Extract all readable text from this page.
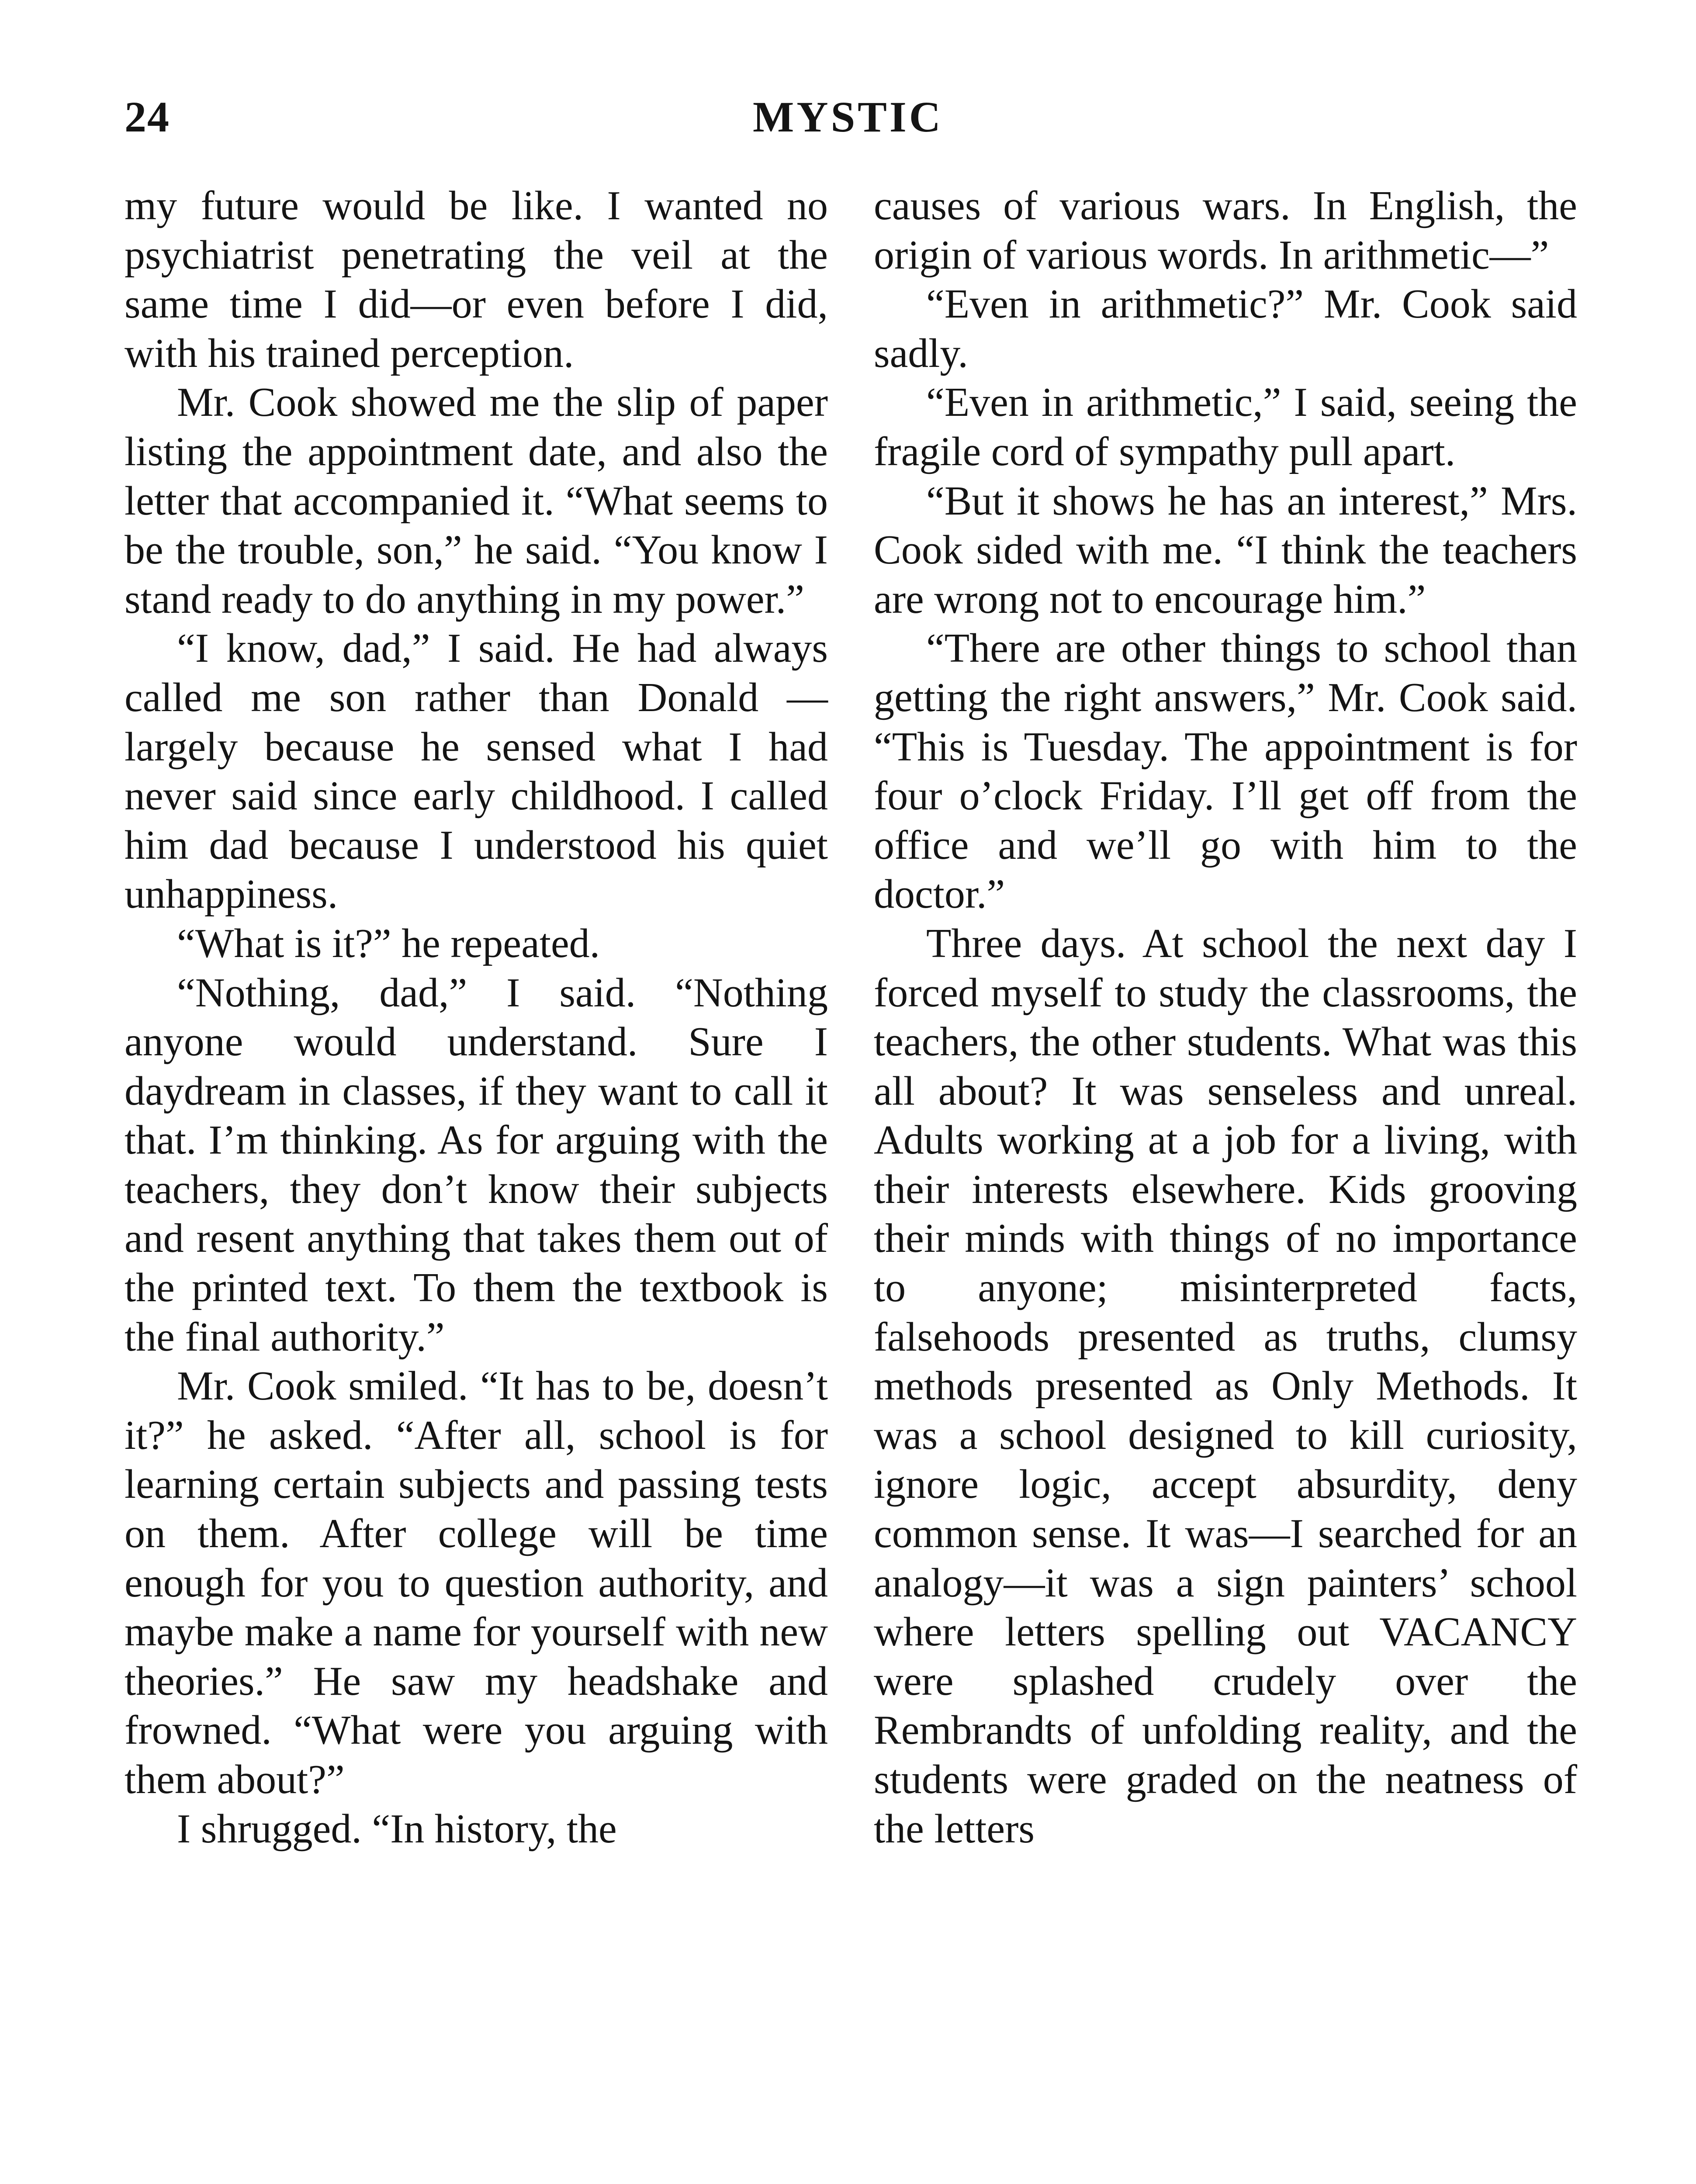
24	MYSTIC

my future would be like. I wanted no psychiatrist penetrating the veil at the same time I did—or even before I did, with his trained perception.

Mr. Cook showed me the slip of paper listing the appointment date, and also the letter that accompanied it. “What seems to be the trouble, son,” he said. “You know I stand ready to do anything in my power.”

“I know, dad,” I said. He had always called me son rather than Donald — largely because he sensed what I had never said since early childhood. I called him dad because I understood his quiet unhappiness.

“What is it?” he repeated.

“Nothing, dad,” I said. “Nothing anyone would understand. Sure I daydream in classes, if they want to call it that. I’m thinking. As for arguing with the teachers, they don’t know their subjects and resent anything that takes them out of the printed text. To them the textbook is the final authority.”

Mr. Cook smiled. “It has to be, doesn’t it?” he asked. “After all, school is for learning certain subjects and passing tests on them. After college will be time enough for you to question authority, and maybe make a name for yourself with new theories.” He saw my headshake and frowned. “What were you arguing with them about?”

I shrugged. “In history, the

causes of various wars. In English, the origin of various words. In arithmetic—”

“Even in arithmetic?” Mr. Cook said sadly.

“Even in arithmetic,” I said, seeing the fragile cord of sympathy pull apart.

“But it shows he has an interest,” Mrs. Cook sided with me. “I think the teachers are wrong not to encourage him.”

“There are other things to school than getting the right answers,” Mr. Cook said. “This is Tuesday. The appointment is for four o’clock Friday. I’ll get off from the office and we’ll go with him to the doctor.”

Three days. At school the next day I forced myself to study the classrooms, the teachers, the other students. What was this all about? It was senseless and unreal. Adults working at a job for a living, with their interests elsewhere. Kids grooving their minds with things of no importance to anyone; misinterpreted facts, falsehoods presented as truths, clumsy methods presented as Only Methods. It was a school designed to kill curiosity, ignore logic, accept absurdity, deny common sense. It was—I searched for an analogy—it was a sign painters’ school where letters spelling out VACANCY were splashed crudely over the Rembrandts of unfolding reality, and the students were graded on the neatness of the letters
